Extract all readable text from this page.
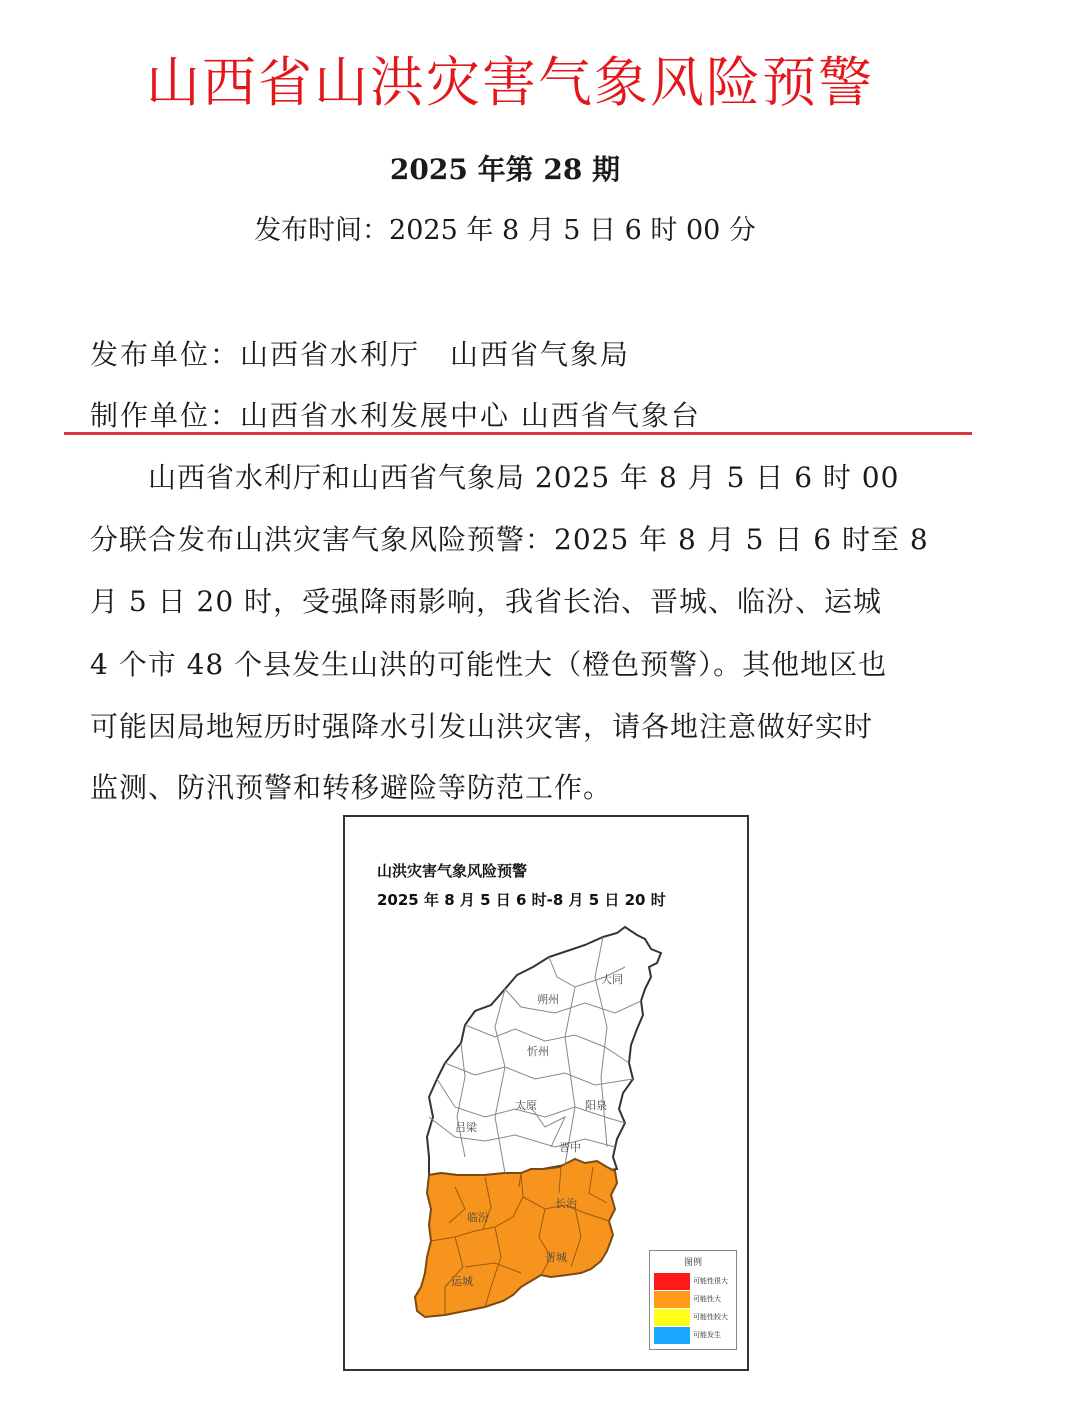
山西省山洪灾害气象风险预警
2025 年第 28 期
发布时间：2025 年 8 月 5 日 6 时 00 分
发布单位：山西省水利厅　山西省气象局
制作单位：山西省水利发展中心 山西省气象台
　　山西省水利厅和山西省气象局 2025 年 8 月 5 日 6 时 00
分联合发布山洪灾害气象风险预警：2025 年 8 月 5 日 6 时至 8
月 5 日 20 时，受强降雨影响，我省长治、晋城、临汾、运城
4 个市 48 个县发生山洪的可能性大（橙色预警）。其他地区也
可能因局地短历时强降水引发山洪灾害，请各地注意做好实时
监测、防汛预警和转移避险等防范工作。
山洪灾害气象风险预警
2025 年 8 月 5 日 6 时-8 月 5 日 20 时
大同
朔州
忻州
太原	阳泉
吕梁
晋中
长治
临汾
晋城
运城
图例
可能性很大
可能性大
可能性较大
可能发生
